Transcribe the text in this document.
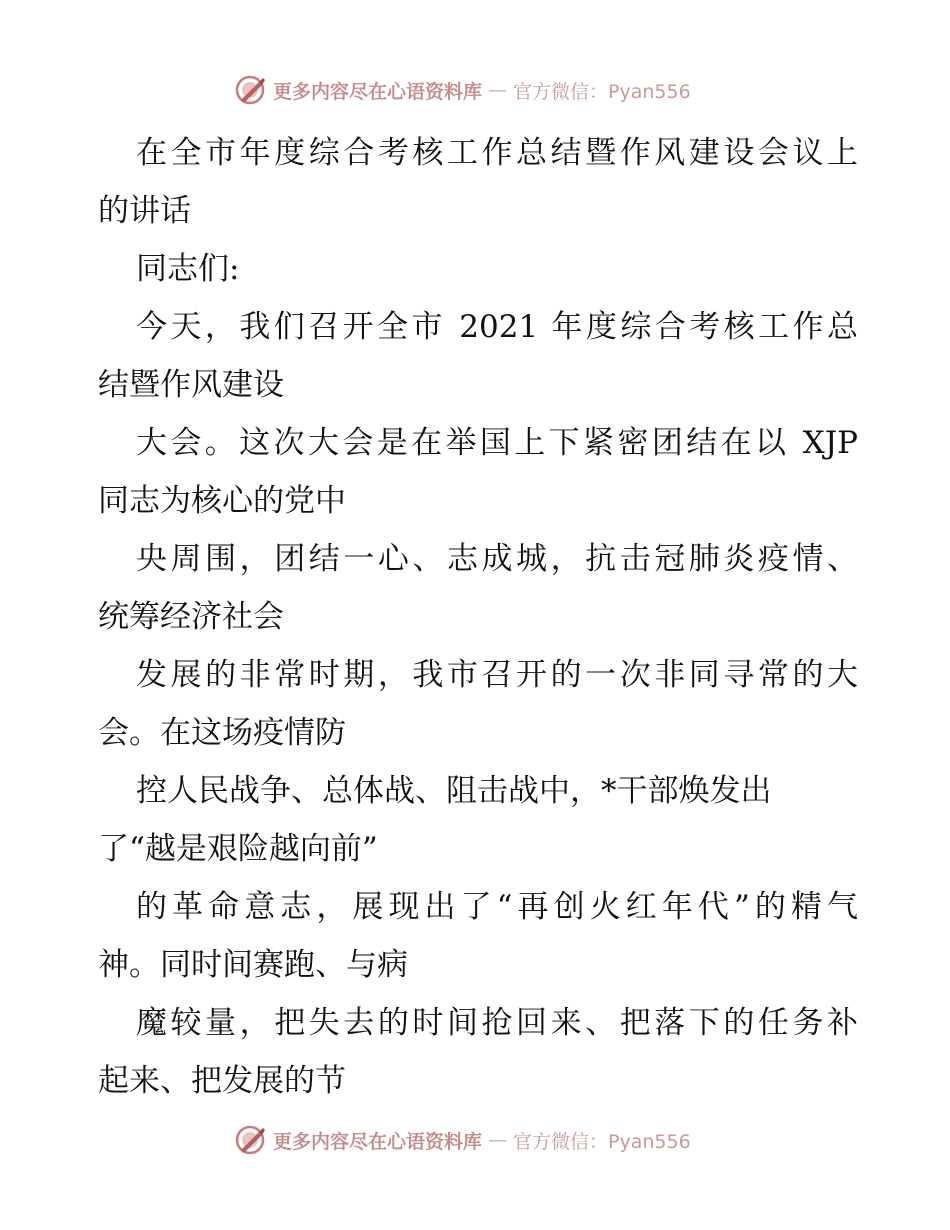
更多内容尽在心语资料库 — 官方微信：Pyan556
在全市年度综合考核工作总结暨作风建设会议上
的讲话
同志们:
今天，我们召开全市 2021 年度综合考核工作总
结暨作风建设
大会。这次大会是在举国上下紧密团结在以 XJP
同志为核心的党中
央周围，团结一心、志成城，抗击冠肺炎疫情、
统筹经济社会
发展的非常时期，我市召开的一次非同寻常的大
会。在这场疫情防
控人民战争、总体战、阻击战中，*干部焕发出
了“越是艰险越向前”
的革命意志，展现出了“再创火红年代”的精气
神。同时间赛跑、与病
魔较量，把失去的时间抢回来、把落下的任务补
起来、把发展的节
更多内容尽在心语资料库 — 官方微信：Pyan556
